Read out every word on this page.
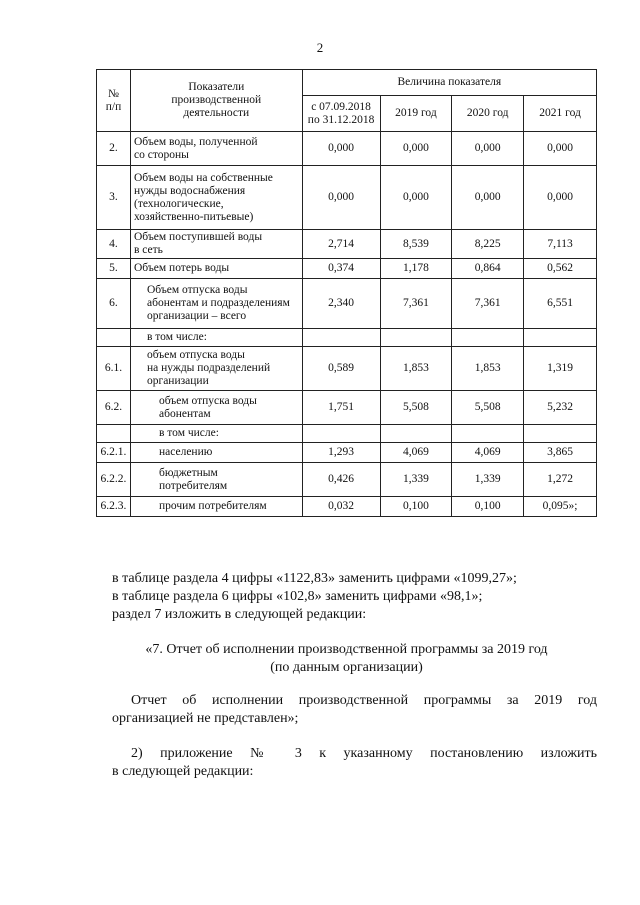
2
№
п/п	Показатели
производственной
деятельности	Величина показателя			
		с 07.09.2018
по 31.12.2018	2019 год	2020 год	2021 год
2.	Объем воды, полученной
со стороны	0,000	0,000	0,000	0,000
3.	Объем воды на собственные
нужды водоснабжения
(технологические,
хозяйственно-питьевые)	0,000	0,000	0,000	0,000
4.	Объем поступившей воды
в сеть	2,714	8,539	8,225	7,113
5.	Объем потерь воды	0,374	1,178	0,864	0,562
6.	Объем отпуска воды
абонентам и подразделениям
организации – всего	2,340	7,361	7,361	6,551
	в том числе:				
6.1.	объем отпуска воды
на нужды подразделений
организации	0,589	1,853	1,853	1,319
6.2.	объем отпуска воды
абонентам	1,751	5,508	5,508	5,232
	в том числе:				
6.2.1.	населению	1,293	4,069	4,069	3,865
6.2.2.	бюджетным
потребителям	0,426	1,339	1,339	1,272
6.2.3.	прочим потребителям	0,032	0,100	0,100	0,095»;
в таблице раздела 4 цифры «1122,83» заменить цифрами «1099,27»;
в таблице раздела 6 цифры «102,8» заменить цифрами «98,1»;
раздел 7 изложить в следующей редакции:
«7. Отчет об исполнении производственной программы за 2019 год
(по данным организации)
Отчет об исполнении производственной программы за 2019 год
организацией не представлен»;
2) приложение № 3 к указанному постановлению изложить
в следующей редакции:
